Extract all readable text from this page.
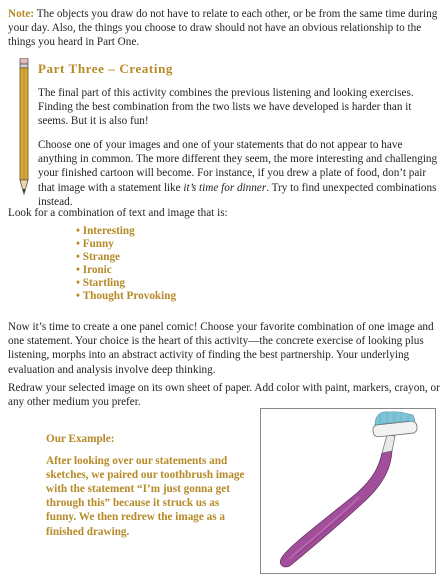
Note: The objects you draw do not have to relate to each other, or be from the same time during your day. Also, the things you choose to draw should not have an obvious relationship to the things you heard in Part One.

Part Three – Creating

The final part of this activity combines the previous listening and looking exercises. Finding the best combination from the two lists we have developed is harder than it seems. But it is also fun!

Choose one of your images and one of your statements that do not appear to have anything in common. The more different they seem, the more interesting and challenging your finished cartoon will become. For instance, if you drew a plate of food, don’t pair that image with a statement like it’s time for dinner. Try to find unexpected combinations instead.

Look for a combination of text and image that is:

• Interesting
• Funny
• Strange
• Ironic
• Startling
• Thought Provoking

Now it’s time to create a one panel comic! Choose your favorite combination of one image and one statement. Your choice is the heart of this activity—the concrete exercise of looking plus listening, morphs into an abstract activity of finding the best partnership. Your underlying evaluation and analysis involve deep thinking.

Redraw your selected image on its own sheet of paper. Add color with paint, markers, crayon, or any other medium you prefer.

Our Example:
After looking over our statements and sketches, we paired our toothbrush image with the statement “I’m just gonna get through this” because it struck us as funny. We then redrew the image as a finished drawing.
